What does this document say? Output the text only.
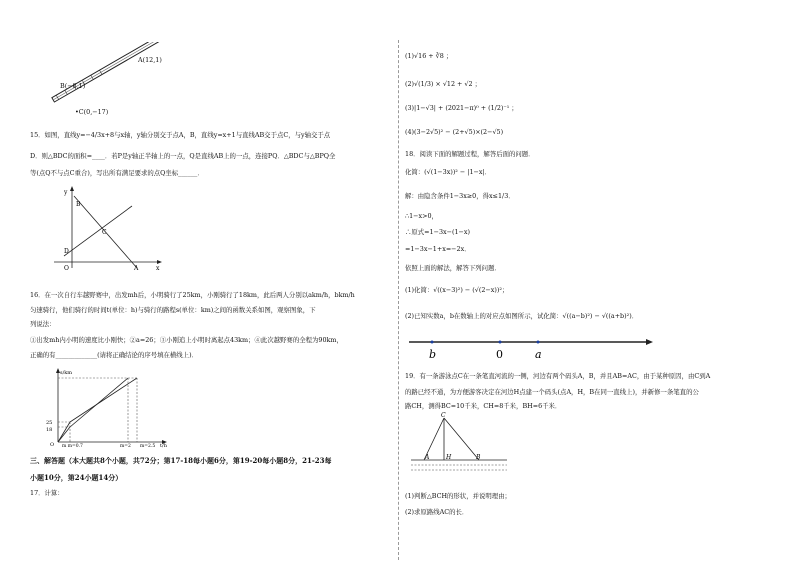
A(12,1)
B(−8,1)
•C(0,−17)
15．如图，直线y=−4/3x+8与x轴，y轴分别交于点A，B，直线y=x+1与直线AB交于点C，与y轴交于点
D．则△BDC的面积=____．若P是y轴正半轴上的一点，Q是直线AB上的一点，连接PQ．△BDC与△BPQ全
等(点Q不与点C重合)，写出所有满足要求的点Q坐标______．
y
x
O	A
B
C
D
16．在一次自行车越野赛中，出发mh后，小明骑行了25km，小刚骑行了18km，此后两人分别以akm/h，bkm/h
匀速骑行，他们骑行的时间t(单位：h)与骑行的路程s(单位：km)之间的函数关系如图，观察图象，下
列说法：
①出发mh内小明的速度比小刚快；②a=26；③小刚追上小明时离起点43km；④此次越野赛的全程为90km，
正确的有_____________(请将正确结论的序号填在横线上)．
s/km
25
18
O m m=0.7	m=2 m=2.5 t/h
三、解答题（本大题共8个小题，共72分；第17-18每小题6分，第19-20每小题8分，21-23每
小题10分，第24小题14分）
17．计算：
(1)√16 + ∛8 ；
(2)√(1/3) × √12 + √2 ；
(3)|1−√3| + (2021−π)⁰ + (1/2)⁻¹ ；
(4)(3−2√5)² − (2+√5)×(2−√5)
18．阅读下面的解题过程，解答后面的问题．
化简：(√(1−3x))² − |1−x|．
解：由隐含条件1−3x≥0，得x≤1/3．
∴1−x>0，
∴原式=1−3x−(1−x)
=1−3x−1+x=−2x．
依照上面的解法，解答下列问题．
(1)化简：√((x−3)²) − (√(2−x))²；
(2)已知实数a，b在数轴上的对应点如图所示，试化简：√((a−b)²) − √((a+b)²)．
b	0	a
19．有一条游泳点C在一条笔直河流的一侧，河边有两个码头A，B，并且AB=AC，由于某种原因，由C到A
的路已经不通，为方便游客决定在河边H点建一个码头(点A，H，B在同一直线上)，并新修一条笔直的公
路CH，测得BC=10千米，CH=8千米，BH=6千米．
C
A	H	B
(1)判断△BCH的形状，并说明理由；
(2)求原路线AC的长．
